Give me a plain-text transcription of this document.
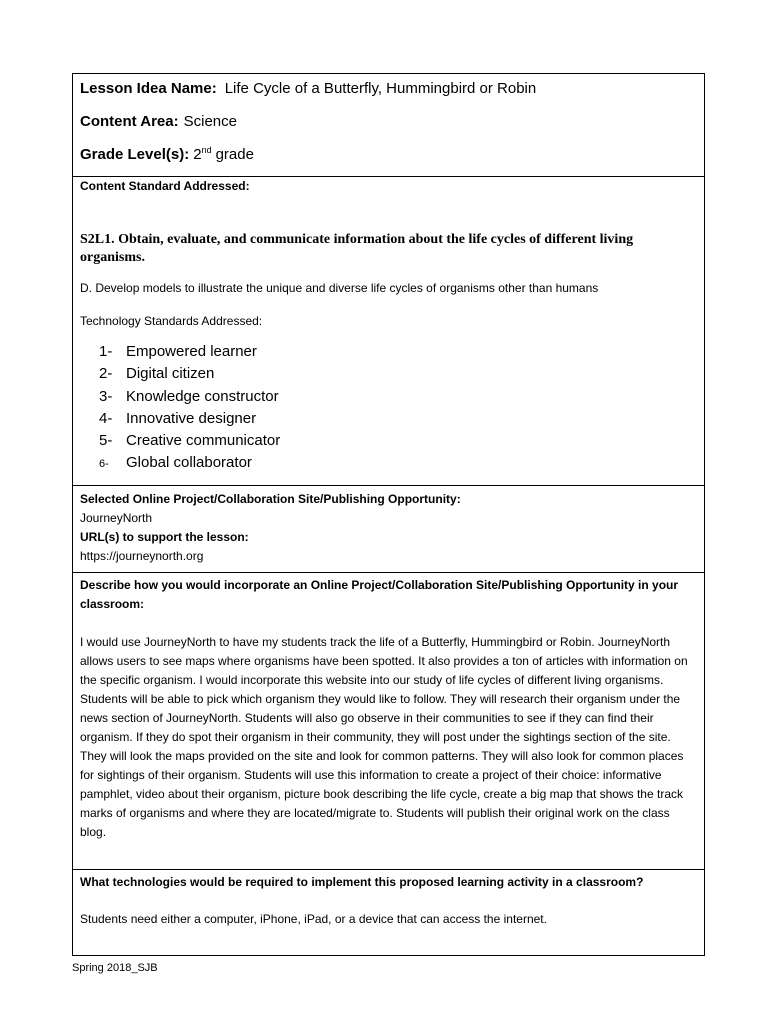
Lesson Idea Name: Life Cycle of a Butterfly, Hummingbird or Robin
Content Area: Science
Grade Level(s): 2nd grade
Content Standard Addressed:
S2L1. Obtain, evaluate, and communicate information about the life cycles of different living organisms.
D. Develop models to illustrate the unique and diverse life cycles of organisms other than humans
Technology Standards Addressed:
1- Empowered learner
2- Digital citizen
3- Knowledge constructor
4- Innovative designer
5- Creative communicator
6- Global collaborator
Selected Online Project/Collaboration Site/Publishing Opportunity:
JourneyNorth
URL(s) to support the lesson:
https://journeynorth.org
Describe how you would incorporate an Online Project/Collaboration Site/Publishing Opportunity in your classroom:
I would use JourneyNorth to have my students track the life of a Butterfly, Hummingbird or Robin. JourneyNorth allows users to see maps where organisms have been spotted. It also provides a ton of articles with information on the specific organism. I would incorporate this website into our study of life cycles of different living organisms. Students will be able to pick which organism they would like to follow. They will research their organism under the news section of JourneyNorth. Students will also go observe in their communities to see if they can find their organism. If they do spot their organism in their community, they will post under the sightings section of the site. They will look the maps provided on the site and look for common patterns. They will also look for common places for sightings of their organism. Students will use this information to create a project of their choice: informative pamphlet, video about their organism, picture book describing the life cycle, create a big map that shows the track marks of organisms and where they are located/migrate to. Students will publish their original work on the class blog.
What technologies would be required to implement this proposed learning activity in a classroom?
Students need either a computer, iPhone, iPad, or a device that can access the internet.
Spring 2018_SJB
